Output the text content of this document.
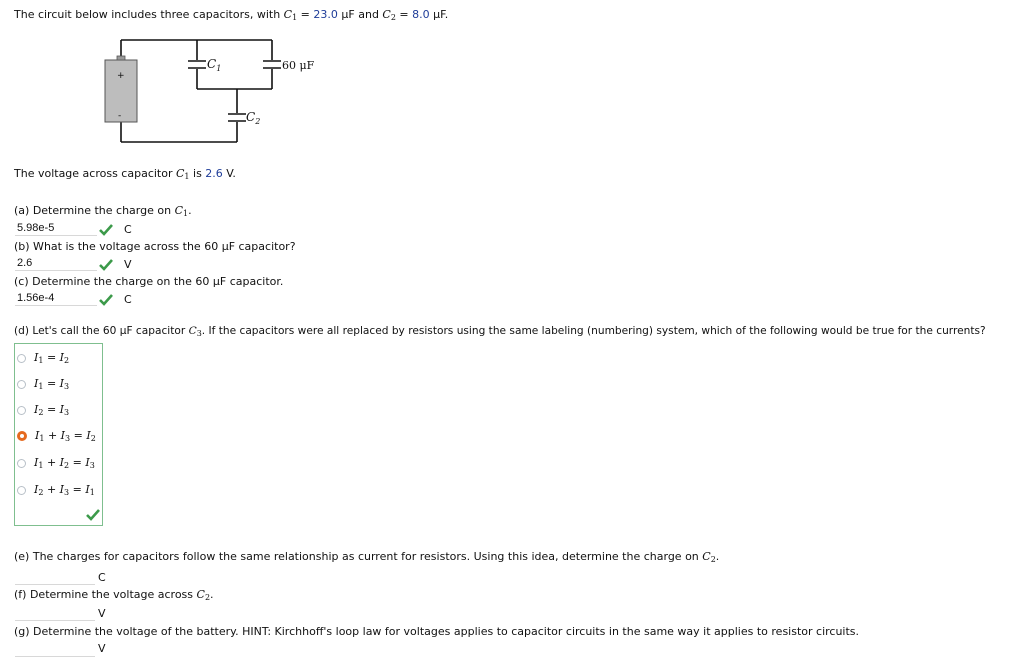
The circuit below includes three capacitors, with $C_1 = 23.0$ μF and $C_2 = 8.0$ μF.
+
-
$C_1$	60 μF
$C_2$
The voltage across capacitor $C_1$ is 2.6 V.
(a) Determine the charge on $C_1$.
5.98e-5	C
(b) What is the voltage across the 60 μF capacitor?
2.6	V
(c) Determine the charge on the 60 μF capacitor.
1.56e-4	C
(d) Let's call the 60 μF capacitor $C_3$. If the capacitors were all replaced by resistors using the same labeling (numbering) system, which of the following would be true for the currents?
$I_1 = I_2$
$I_1 = I_3$
$I_2 = I_3$
$I_1 + I_3 = I_2$
$I_1 + I_2 = I_3$
$I_2 + I_3 = I_1$
(e) The charges for capacitors follow the same relationship as current for resistors. Using this idea, determine the charge on $C_2$.
C
(f) Determine the voltage across $C_2$.
V
(g) Determine the voltage of the battery. HINT: Kirchhoff's loop law for voltages applies to capacitor circuits in the same way it applies to resistor circuits.
V
